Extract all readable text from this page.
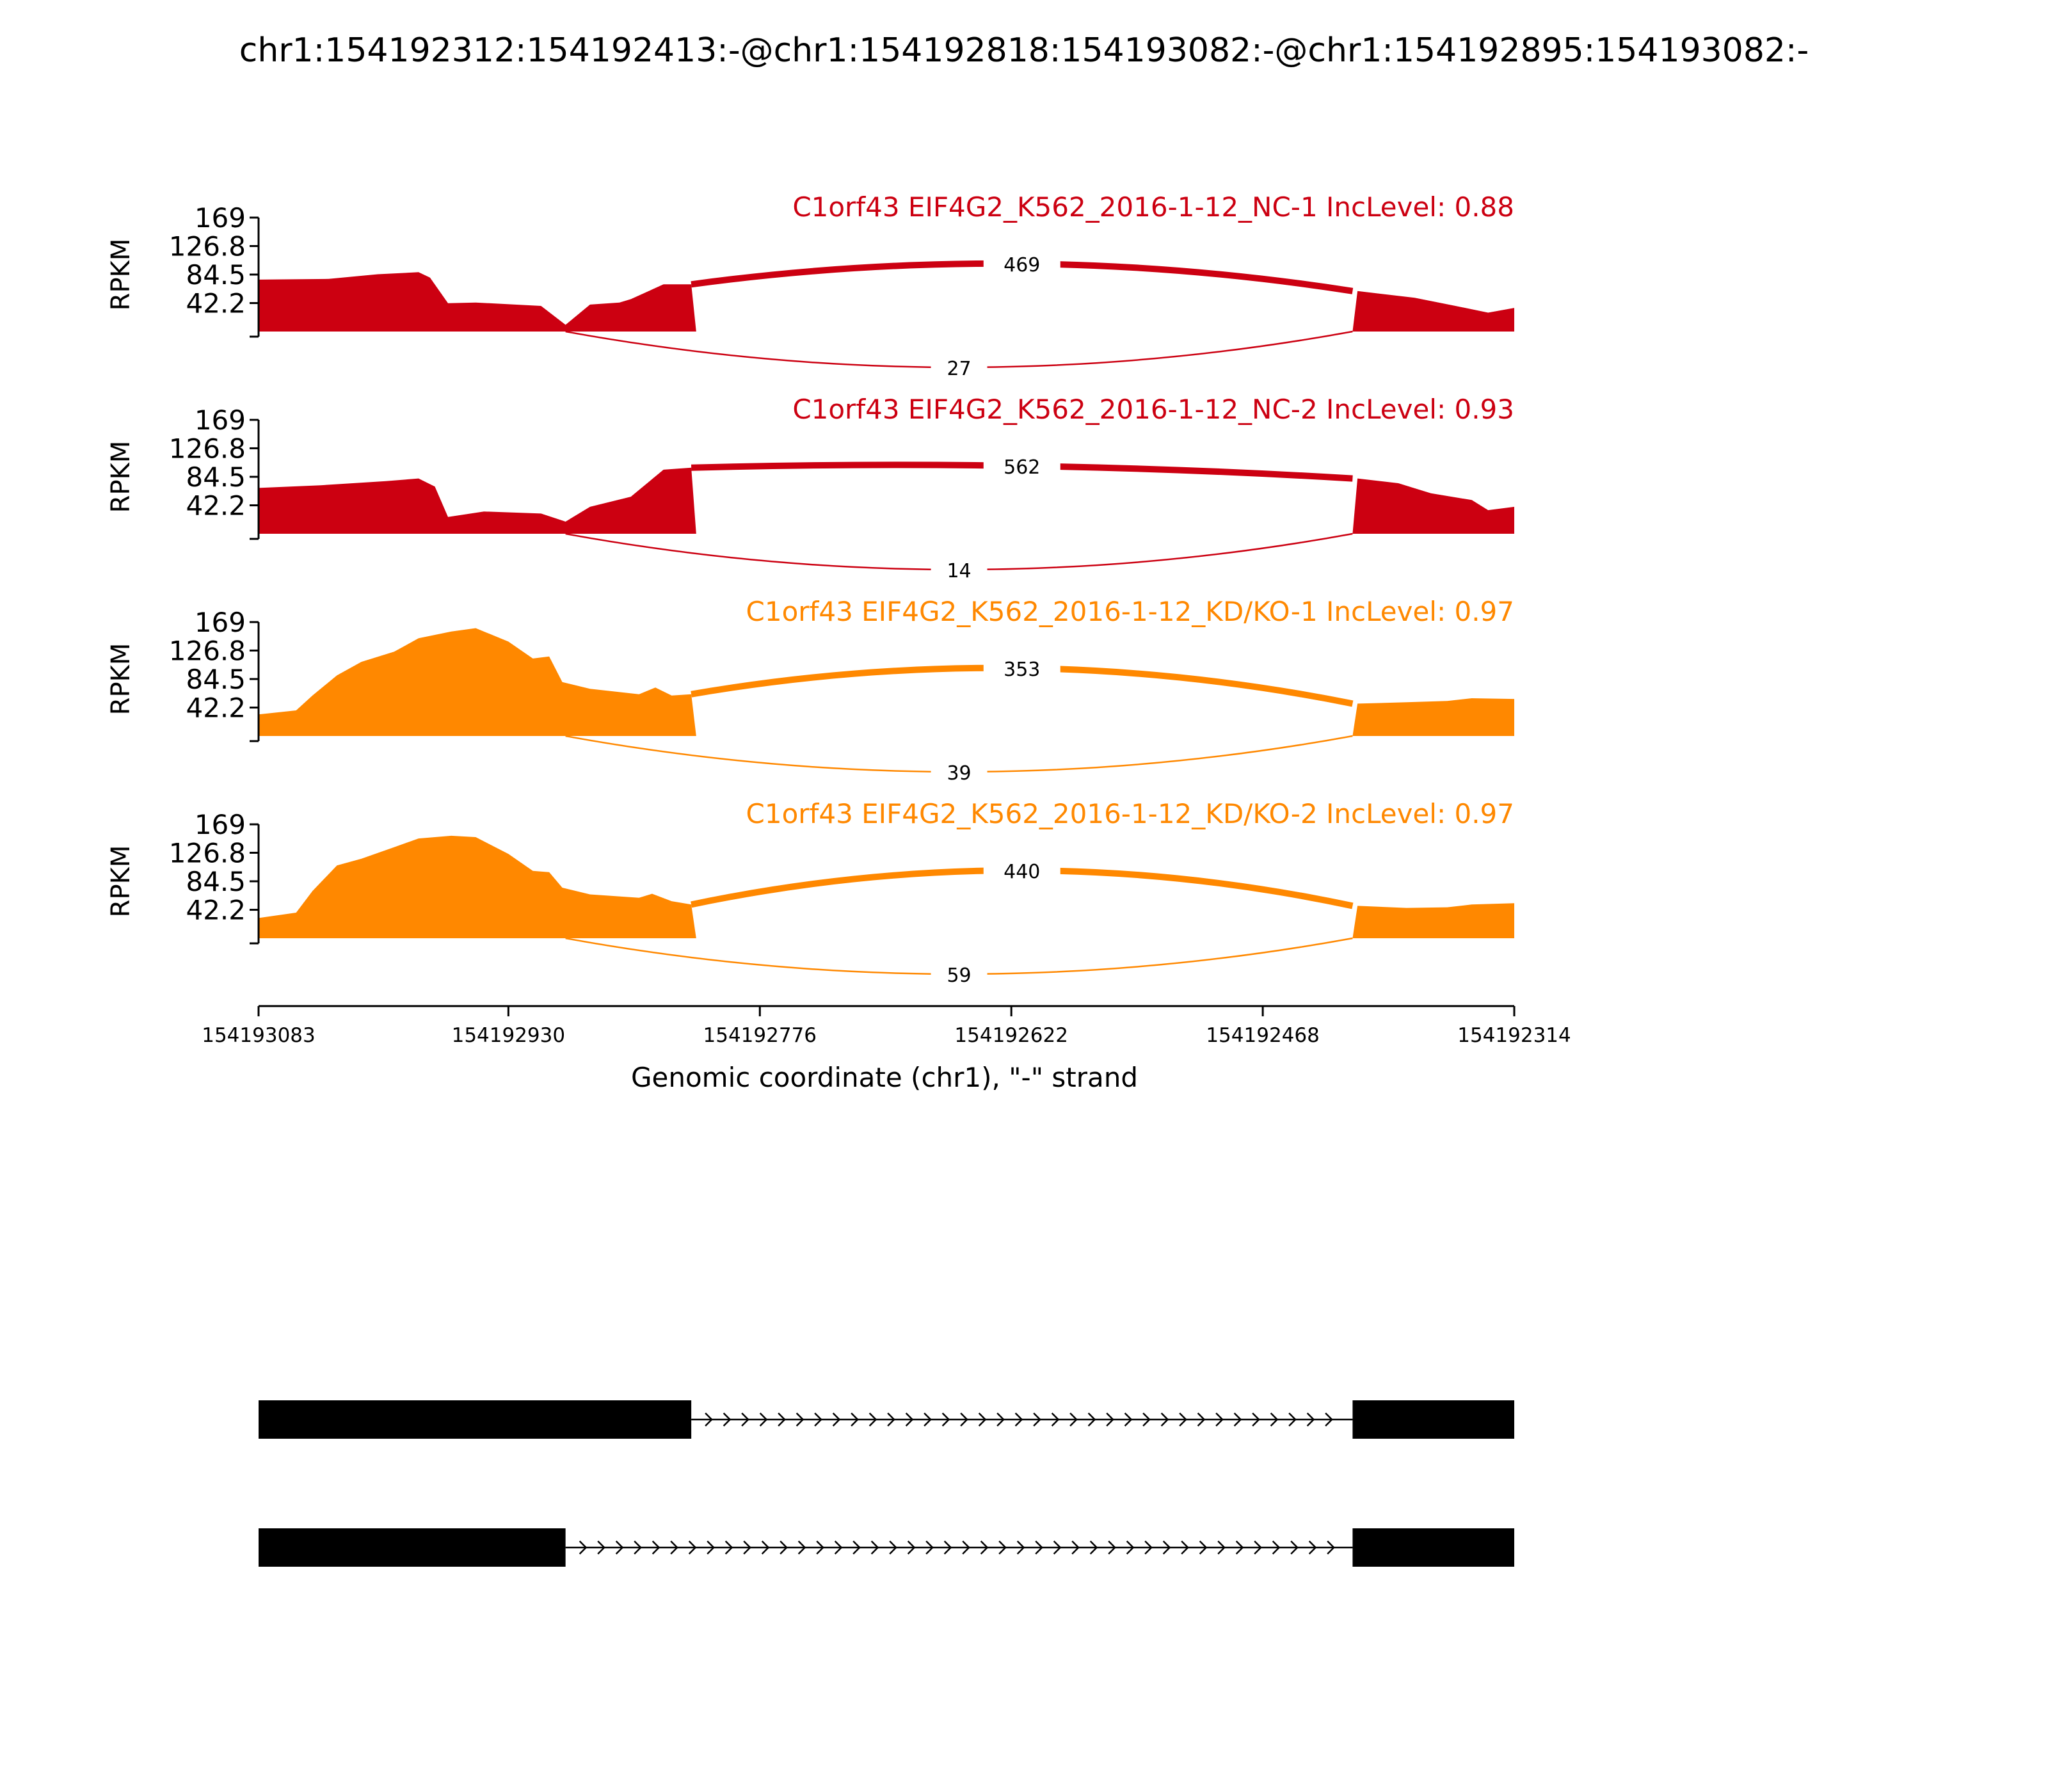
chr1:154192312:154192413:-@chr1:154192818:154193082:-@chr1:154192895:154193082:-
169
126.8
84.5
42.2
RPKM
C1orf43 EIF4G2_K562_2016-1-12_NC-1 IncLevel: 0.88
469
27
169
126.8
84.5
42.2
RPKM
C1orf43 EIF4G2_K562_2016-1-12_NC-2 IncLevel: 0.93
562
14
169
126.8
84.5
42.2
RPKM
C1orf43 EIF4G2_K562_2016-1-12_KD/KO-1 IncLevel: 0.97
353
39
169
126.8
84.5
42.2
RPKM
C1orf43 EIF4G2_K562_2016-1-12_KD/KO-2 IncLevel: 0.97
440
59
154193083	154192930	154192776	154192622	154192468	154192314
Genomic coordinate (chr1), "-" strand
